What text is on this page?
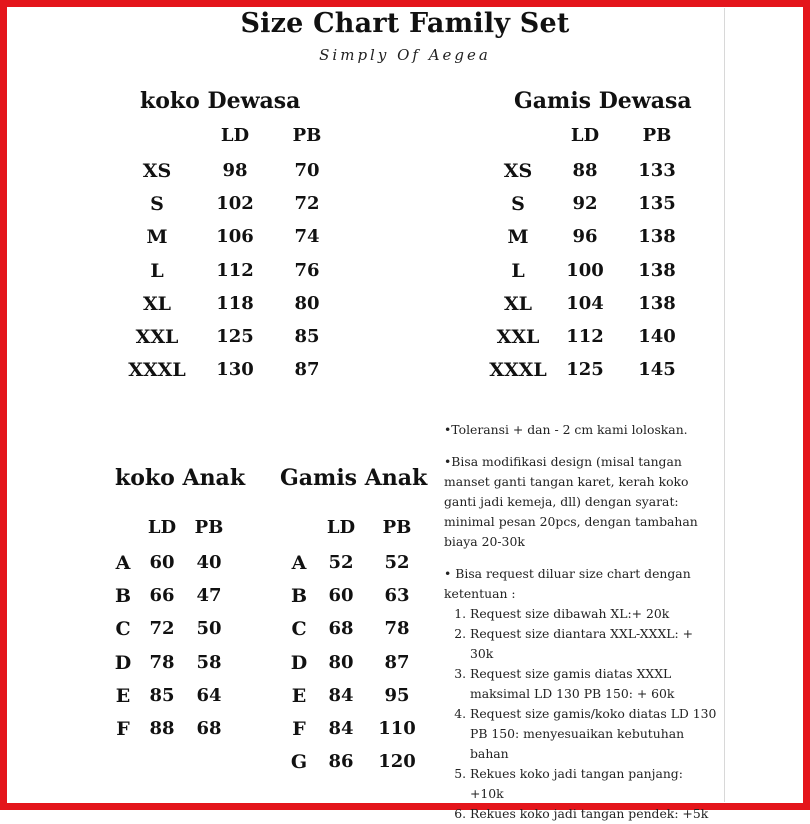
Size Chart Family Set
Simply Of Aegea
koko Dewasa
LD PB
XS	98	70
S	102 72
M	106 74
L	112 76
XL	118 80
XXL 125 85
XXXL 130 87
Gamis Dewasa
LD PB
XS 88 133
S	92 135
M 96 138
L 100 138
XL 104 138
XXL 112 140
XXXL 125 145
koko Anak
LD PB
A 60 40
B 66 47
C 72 50
D 78 58
E 85 64
F 88 68
Gamis Anak
LD PB
A 52 52
B 60 63
C 68 78
D 80 87
E 84 95
F 84 110
G 86 120

•Toleransi + dan - 2 cm kami loloskan.

•Bisa modifikasi design (misal tangan manset ganti tangan karet, kerah koko ganti jadi kemeja, dll) dengan syarat: minimal pesan 20pcs, dengan tambahan biaya 20-30k

• Bisa request diluar size chart dengan ketentuan :
1. Request size dibawah XL:+ 20k
2. Request size diantara XXL-XXXL: + 30k
3. Request size gamis diatas XXXL maksimal LD 130 PB 150: + 60k
4. Request size gamis/koko diatas LD 130 PB 150: menyesuaikan kebutuhan bahan
5. Rekues koko jadi tangan panjang: +10k
6. Rekues koko jadi tangan pendek: +5k
